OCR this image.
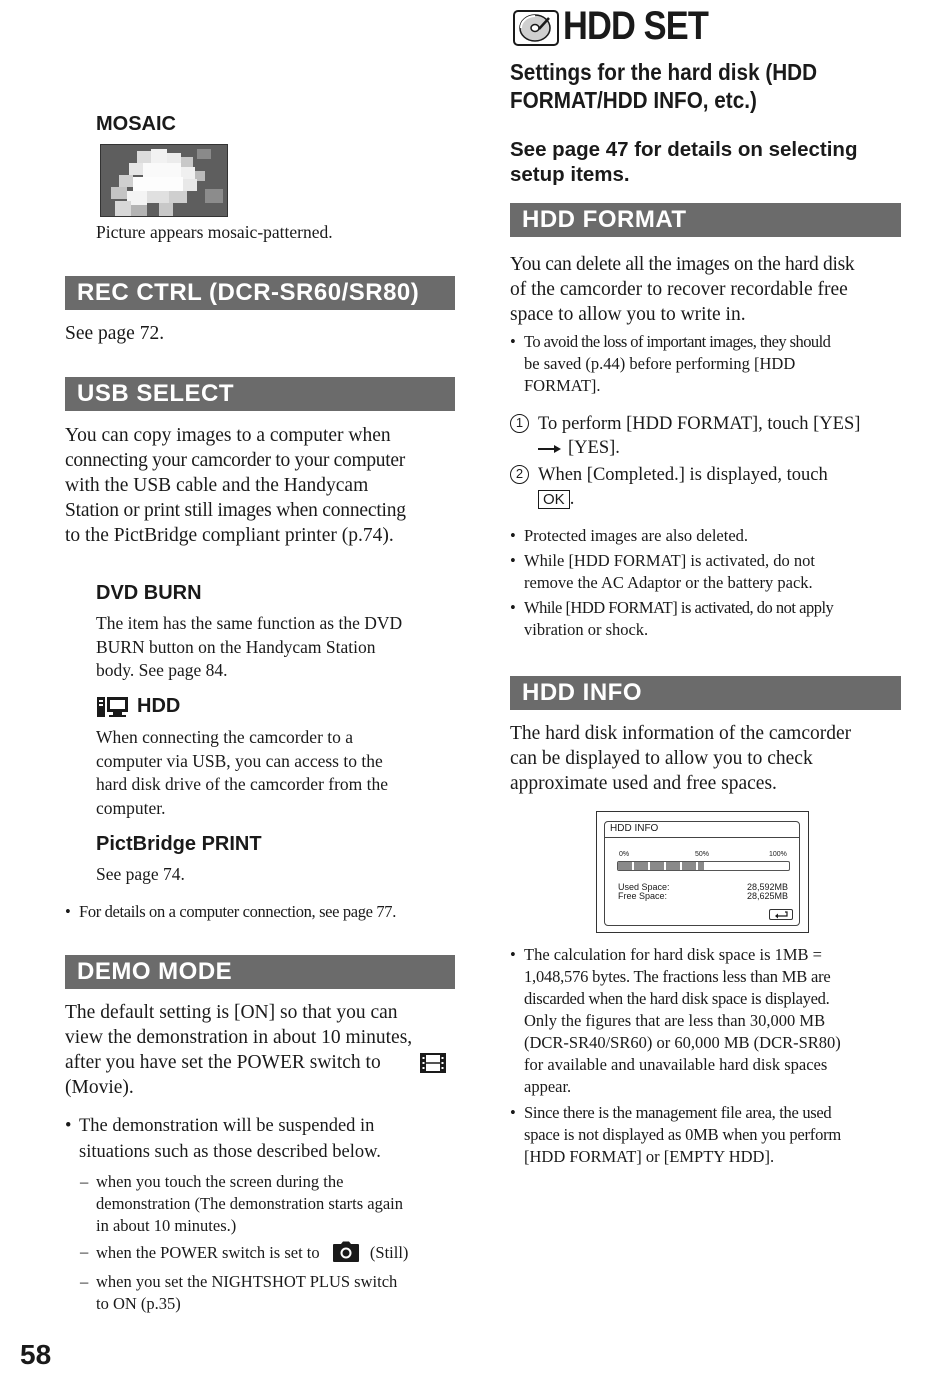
MOSAIC
Picture appears mosaic-patterned.
REC CTRL (DCR-SR60/SR80)
See page 72.
USB SELECT
You can copy images to a computer when
connecting your camcorder to your computer
with the USB cable and the Handycam
Station or print still images when connecting
to the PictBridge compliant printer (p.74).
DVD BURN
The item has the same function as the DVD
BURN button on the Handycam Station
body. See page 84.
HDD
When connecting the camcorder to a
computer via USB, you can access to the
hard disk drive of the camcorder from the
computer.
PictBridge PRINT
See page 74.
• For details on a computer connection, see page 77.
DEMO MODE
The default setting is [ON] so that you can
view the demonstration in about 10 minutes,
after you have set the POWER switch to
(Movie).
• The demonstration will be suspended in
situations such as those described below.
– when you touch the screen during the
demonstration (The demonstration starts again
in about 10 minutes.)
– when the POWER switch is set to	(Still)
– when you set the NIGHTSHOT PLUS switch
to ON (p.35)
58
HDD SET
Settings for the hard disk (HDD
FORMAT/HDD INFO, etc.)
See page 47 for details on selecting
setup items.
HDD FORMAT
You can delete all the images on the hard disk
of the camcorder to recover recordable free
space to allow you to write in.
• To avoid the loss of important images, they should
be saved (p.44) before performing [HDD
FORMAT].
1 To perform [HDD FORMAT], touch [YES]
[YES].
2 When [Completed.] is displayed, touch
OK .
• Protected images are also deleted.
• While [HDD FORMAT] is activated, do not
remove the AC Adaptor or the battery pack.
• While [HDD FORMAT] is activated, do not apply
vibration or shock.
HDD INFO
The hard disk information of the camcorder
can be displayed to allow you to check
approximate used and free spaces.
HDD INFO
0%	50%	100%
Used Space:	28,592MB
Free Space:	28,625MB
• The calculation for hard disk space is 1MB =
1,048,576 bytes. The fractions less than MB are
discarded when the hard disk space is displayed.
Only the figures that are less than 30,000 MB
(DCR-SR40/SR60) or 60,000 MB (DCR-SR80)
for available and unavailable hard disk spaces
appear.
• Since there is the management file area, the used
space is not displayed as 0MB when you perform
[HDD FORMAT] or [EMPTY HDD].
